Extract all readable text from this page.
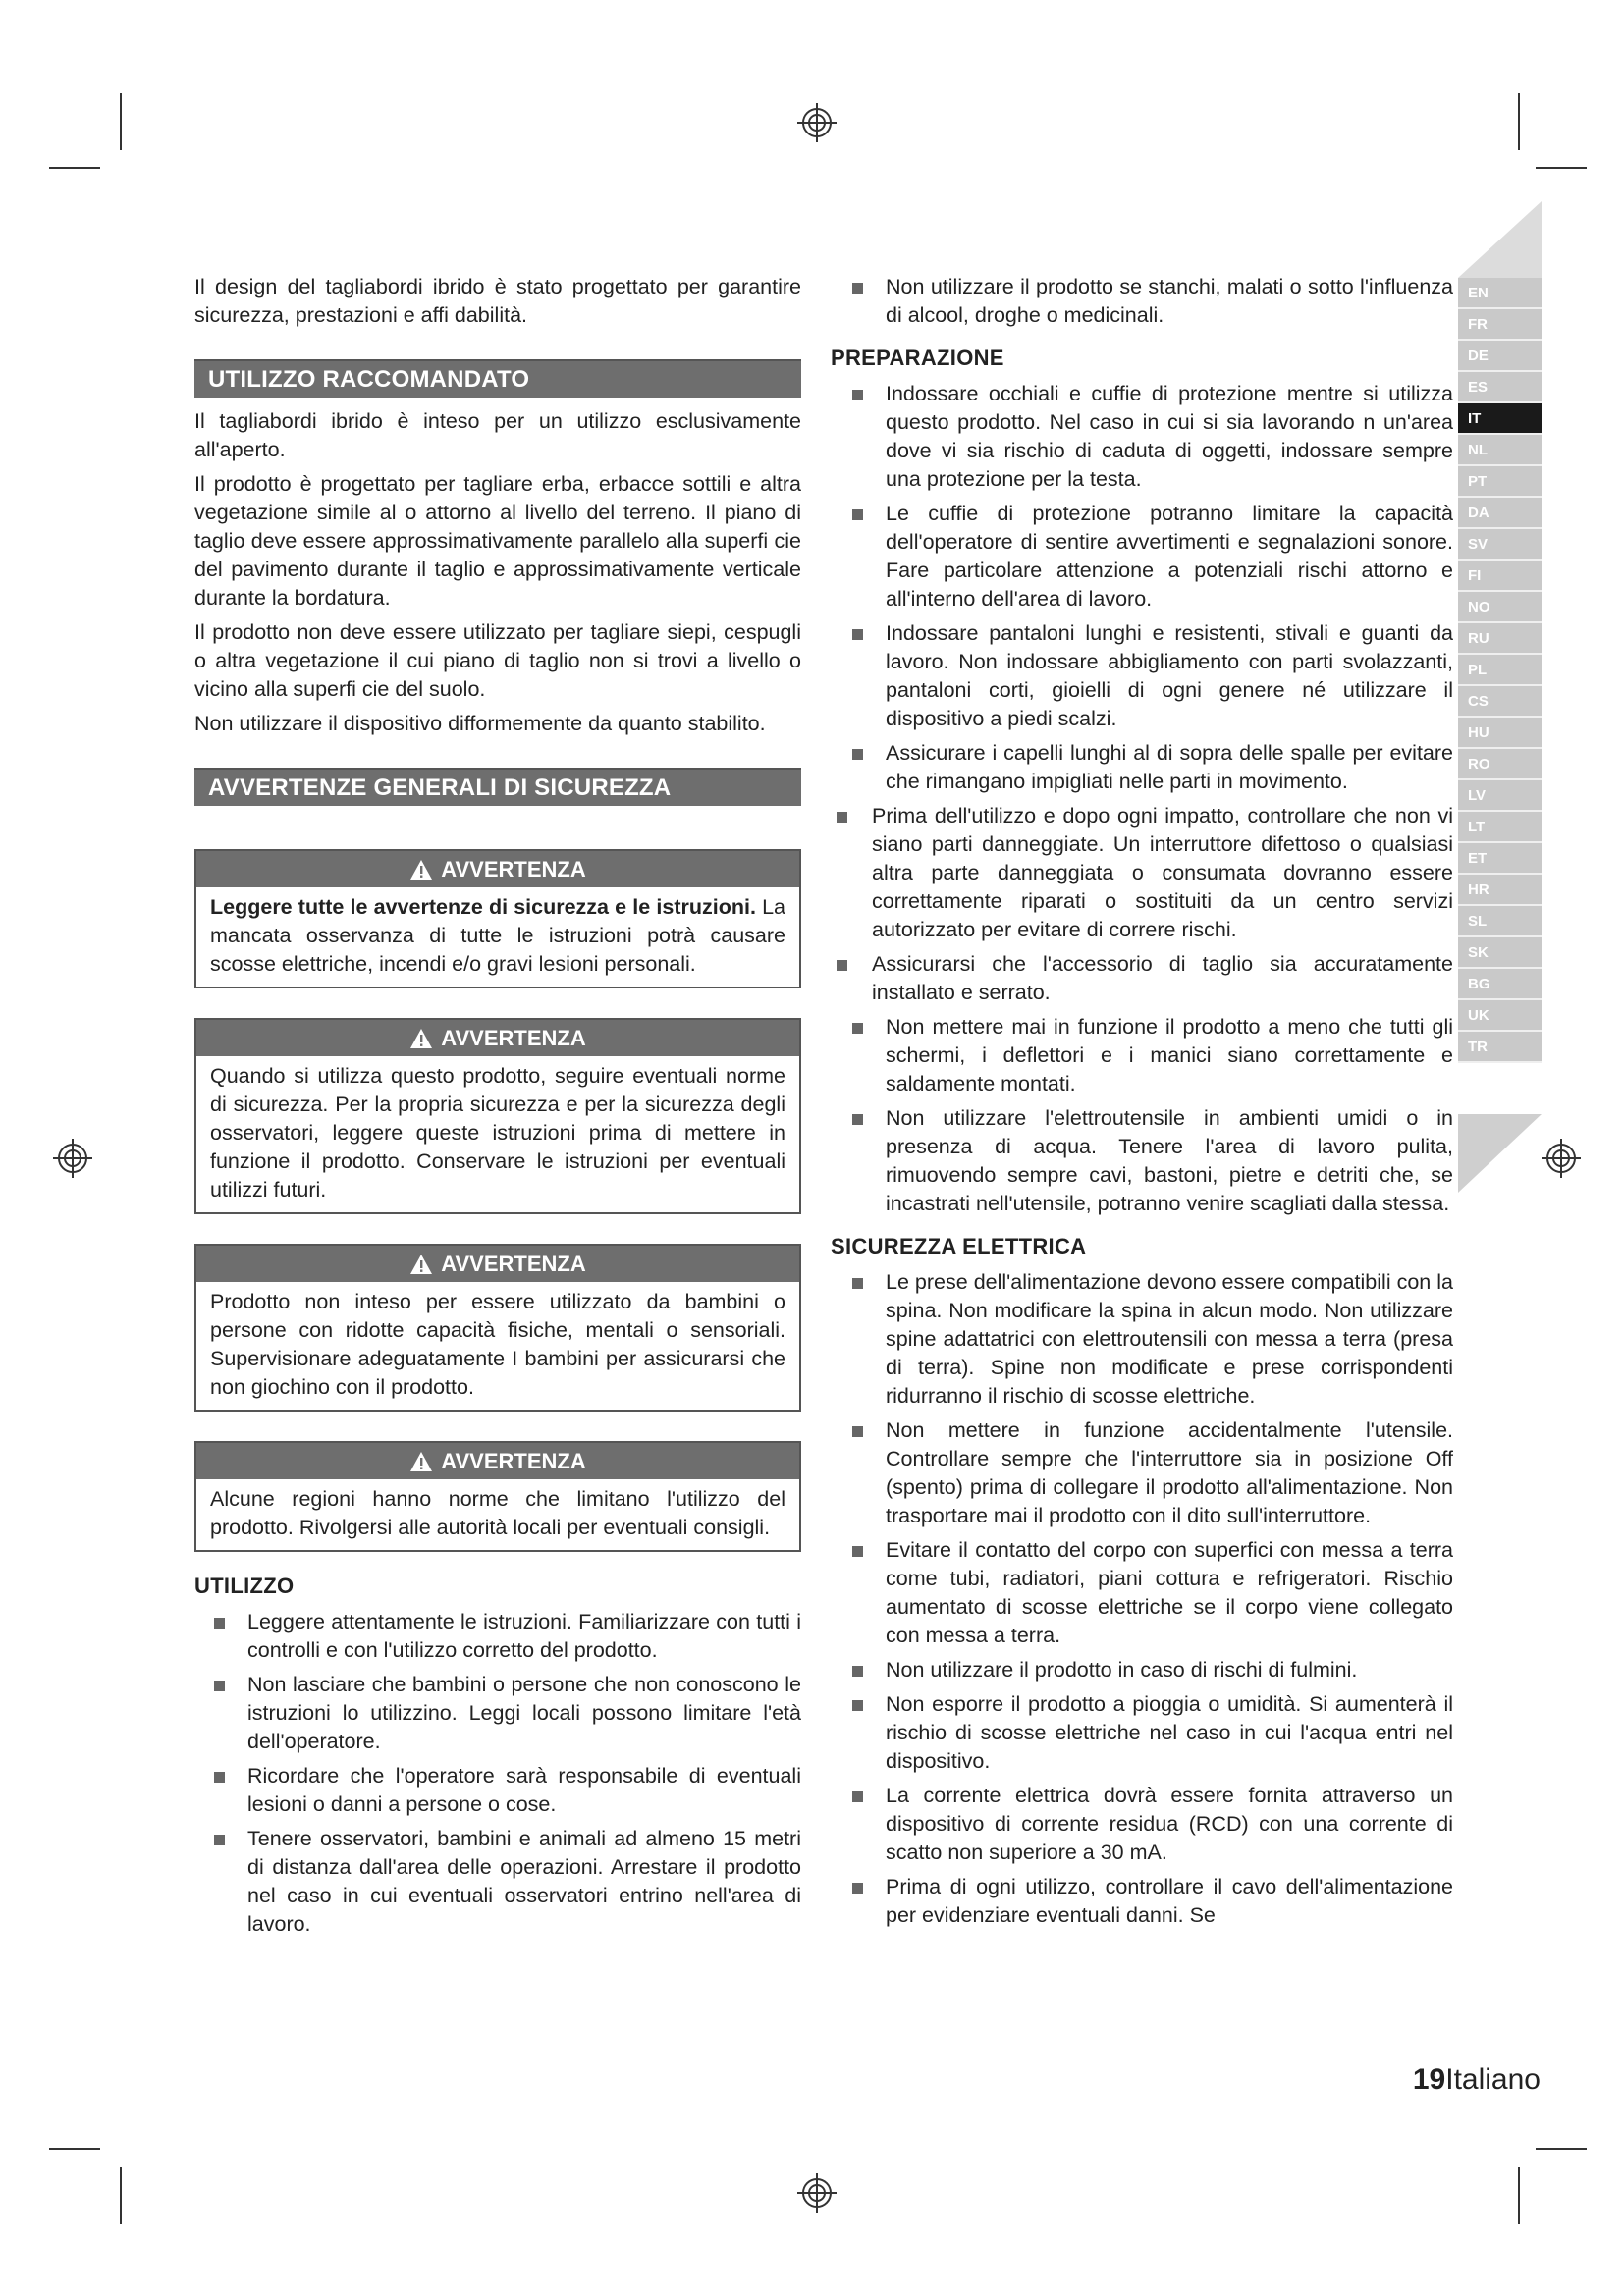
Il design del tagliabordi ibrido è stato progettato per garantire sicurezza, prestazioni e affi dabilità.

UTILIZZO RACCOMANDATO

Il tagliabordi ibrido è inteso per un utilizzo esclusivamente all'aperto.

Il prodotto è progettato per tagliare erba, erbacce sottili e altra vegetazione simile al o attorno al livello del terreno. Il piano di taglio deve essere approssimativamente parallelo alla superfi cie del pavimento durante il taglio e approssimativamente verticale durante la bordatura.

Il prodotto non deve essere utilizzato per tagliare siepi, cespugli o altra vegetazione il cui piano di taglio non si trovi a livello o vicino alla superfi cie del suolo.

Non utilizzare il dispositivo difformemente da quanto stabilito.

AVVERTENZE GENERALI DI SICUREZZA
AVVERTENZA
Leggere tutte le avvertenze di sicurezza e le istruzioni. La mancata osservanza di tutte le istruzioni potrà causare scosse elettriche, incendi e/o gravi lesioni personali.
AVVERTENZA
Quando si utilizza questo prodotto, seguire eventuali norme di sicurezza. Per la propria sicurezza e per la sicurezza degli osservatori, leggere queste istruzioni prima di mettere in funzione il prodotto. Conservare le istruzioni per eventuali utilizzi futuri.
AVVERTENZA
Prodotto non inteso per essere utilizzato da bambini o persone con ridotte capacità fisiche, mentali o sensoriali. Supervisionare adeguatamente I bambini per assicurarsi che non giochino con il prodotto.
AVVERTENZA
Alcune regioni hanno norme che limitano l'utilizzo del prodotto. Rivolgersi alle autorità locali per eventuali consigli.
UTILIZZO
Leggere attentamente le istruzioni. Familiarizzare con tutti i controlli e con l'utilizzo corretto del prodotto.
Non lasciare che bambini o persone che non conoscono le istruzioni lo utilizzino. Leggi locali possono limitare l'età dell'operatore.
Ricordare che l'operatore sarà responsabile di eventuali lesioni o danni a persone o cose.
Tenere osservatori, bambini e animali ad almeno 15 metri di distanza dall'area delle operazioni. Arrestare il prodotto nel caso in cui eventuali osservatori entrino nell'area di lavoro.
Non utilizzare il prodotto se stanchi, malati o sotto l'influenza di alcool, droghe o medicinali.
PREPARAZIONE
Indossare occhiali e cuffie di protezione mentre si utilizza questo prodotto. Nel caso in cui si sia lavorando n un'area dove vi sia rischio di caduta di oggetti, indossare sempre una protezione per la testa.
Le cuffie di protezione potranno limitare la capacità dell'operatore di sentire avvertimenti e segnalazioni sonore. Fare particolare attenzione a potenziali rischi attorno e all'interno dell'area di lavoro.
Indossare pantaloni lunghi e resistenti, stivali e guanti da lavoro. Non indossare abbigliamento con parti svolazzanti, pantaloni corti, gioielli di ogni genere né utilizzare il dispositivo a piedi scalzi.
Assicurare i capelli lunghi al di sopra delle spalle per evitare che rimangano impigliati nelle parti in movimento.
Prima dell'utilizzo e dopo ogni impatto, controllare che non vi siano parti danneggiate. Un interruttore difettoso o qualsiasi altra parte danneggiata o consumata dovranno essere correttamente riparati o sostituiti da un centro servizi autorizzato per evitare di correre rischi.
Assicurarsi che l'accessorio di taglio sia accuratamente installato e serrato.
Non mettere mai in funzione il prodotto a meno che tutti gli schermi, i deflettori e i manici siano correttamente e saldamente montati.
Non utilizzare l'elettroutensile in ambienti umidi o in presenza di acqua. Tenere l'area di lavoro pulita, rimuovendo sempre cavi, bastoni, pietre e detriti che, se incastrati nell'utensile, potranno venire scagliati dalla stessa.
SICUREZZA ELETTRICA
Le prese dell'alimentazione devono essere compatibili con la spina. Non modificare la spina in alcun modo. Non utilizzare spine adattatrici con elettroutensili con messa a terra (presa di terra). Spine non modificate e prese corrispondenti ridurranno il rischio di scosse elettriche.
Non mettere in funzione accidentalmente l'utensile. Controllare sempre che l'interruttore sia in posizione Off (spento) prima di collegare il prodotto all'alimentazione. Non trasportare mai il prodotto con il dito sull'interruttore.
Evitare il contatto del corpo con superfici con messa a terra come tubi, radiatori, piani cottura e refrigeratori. Rischio aumentato di scosse elettriche se il corpo viene collegato con messa a terra.
Non utilizzare il prodotto in caso di rischi di fulmini.
Non esporre il prodotto a pioggia o umidità. Si aumenterà il rischio di scosse elettriche nel caso in cui l'acqua entri nel dispositivo.
La corrente elettrica dovrà essere fornita attraverso un dispositivo di corrente residua (RCD) con una corrente di scatto non superiore a 30 mA.
Prima di ogni utilizzo, controllare il cavo dell'alimentazione per evidenziare eventuali danni. Se
EN
FR
DE
ES
IT
NL
PT
DA
SV
FI
NO
RU
PL
CS
HU
RO
LV
LT
ET
HR
SL
SK
BG
UK
TR
19Italiano
